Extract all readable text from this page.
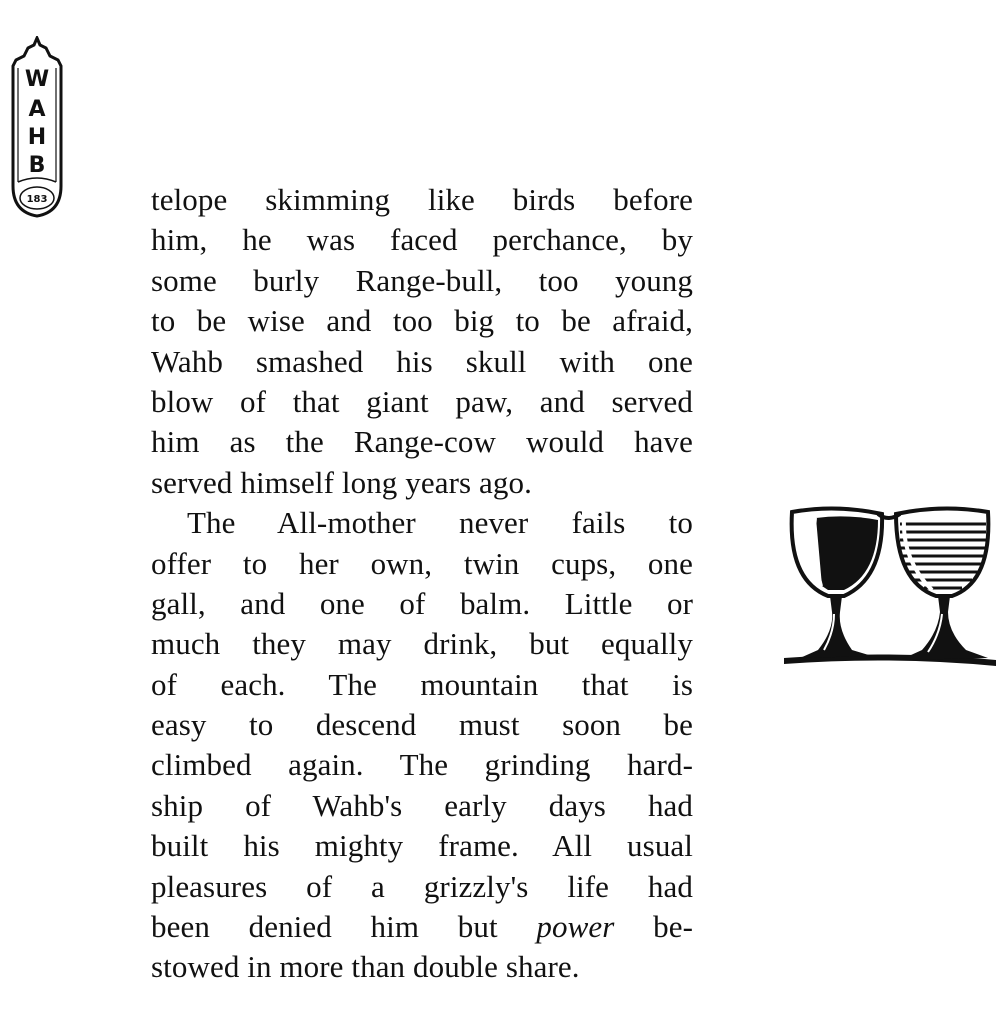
W
A
H
B
183	telope skimming like birds before
him, he was faced perchance, by
some burly Range-bull, too young
to be wise and too big to be afraid,
Wahb smashed his skull with one
blow of that giant paw, and served
him as the Range-cow would have
served himself long years ago.
The All-mother never fails to
offer to her own, twin cups, one
gall, and one of balm. Little or
much they may drink, but equally
of each. The mountain that is
easy to descend must soon be
climbed again. The grinding hard-
ship of Wahb's early days had
built his mighty frame. All usual
pleasures of a grizzly's life had
been denied him but power be-
stowed in more than double share.
